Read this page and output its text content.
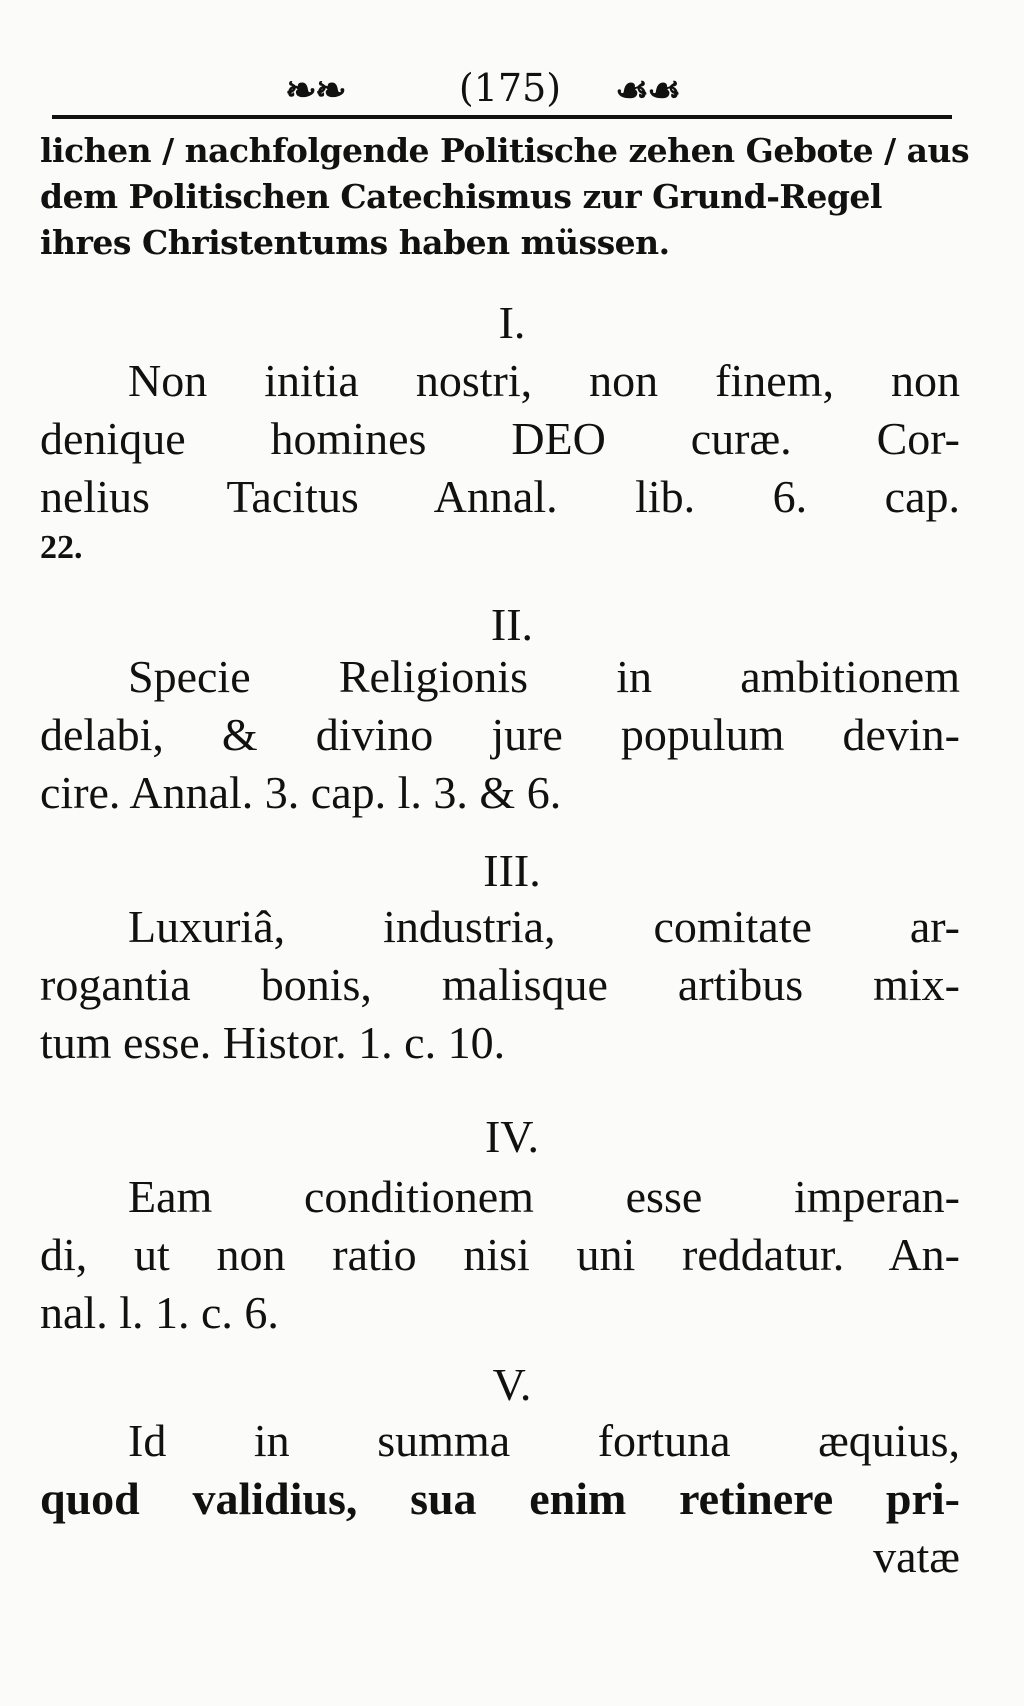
❧❧	(175)	☙☙
lichen / nachfolgende Politische zehen Gebote / aus
dem Politischen Catechismus zur Grund-Regel
ihres Christentums haben müssen.
I.
Non initia nostri, non finem, non
denique homines DEO curæ. Cor-
nelius Tacitus Annal. lib. 6. cap.
22.
II.
Specie Religionis in ambitionem
delabi, & divino jure populum devin-
cire. Annal. 3. cap. l. 3. & 6.
III.
Luxuriâ, industria, comitate ar-
rogantia bonis, malisque artibus mix-
tum esse. Histor. 1. c. 10.
IV.
Eam conditionem esse imperan-
di, ut non ratio nisi uni reddatur. An-
nal. l. 1. c. 6.
V.
Id in summa fortuna æquius,
quod validius, sua enim retinere pri-
vatæ
